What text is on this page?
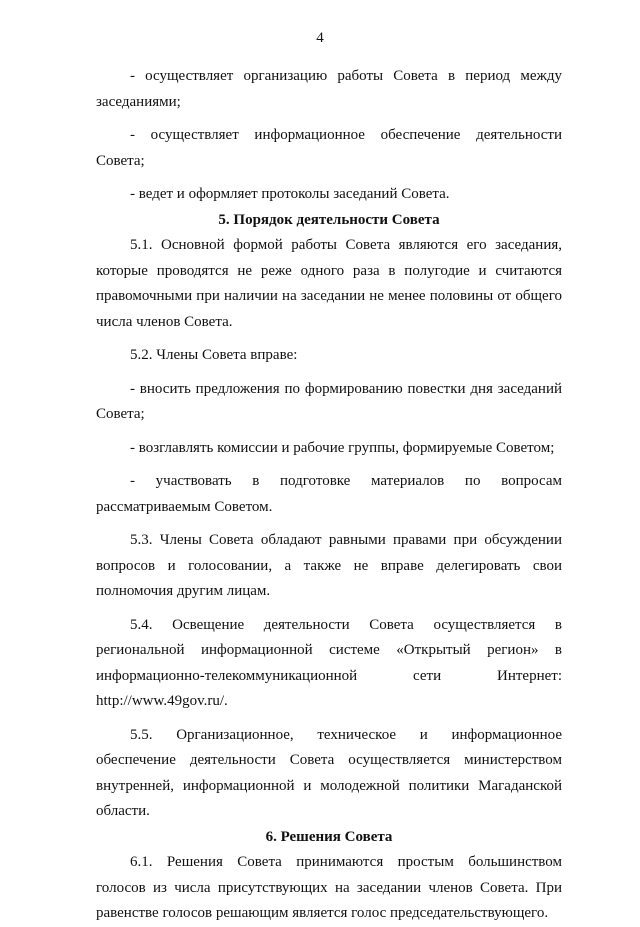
4

- осуществляет организацию работы Совета в период между заседаниями;

- осуществляет информационное обеспечение деятельности Совета;

- ведет и оформляет протоколы заседаний Совета.

5. Порядок деятельности Совета

5.1. Основной формой работы Совета являются его заседания, которые проводятся не реже одного раза в полугодие и считаются правомочными при наличии на заседании не менее половины от общего числа членов Совета.

5.2. Члены Совета вправе:

- вносить предложения по формированию повестки дня заседаний Совета;

- возглавлять комиссии и рабочие группы, формируемые Советом;

- участвовать в подготовке материалов по вопросам рассматриваемым Советом.

5.3. Члены Совета обладают равными правами при обсуждении вопросов и голосовании, а также не вправе делегировать свои полномочия другим лицам.

5.4. Освещение деятельности Совета осуществляется в региональной информационной системе «Открытый регион» в информационно-телекоммуникационной сети Интернет: http://www.49gov.ru/.

5.5. Организационное, техническое и информационное обеспечение деятельности Совета осуществляется министерством внутренней, информационной и молодежной политики Магаданской области.

6. Решения Совета

6.1. Решения Совета принимаются простым большинством голосов из числа присутствующих на заседании членов Совета. При равенстве голосов решающим является голос председательствующего.
